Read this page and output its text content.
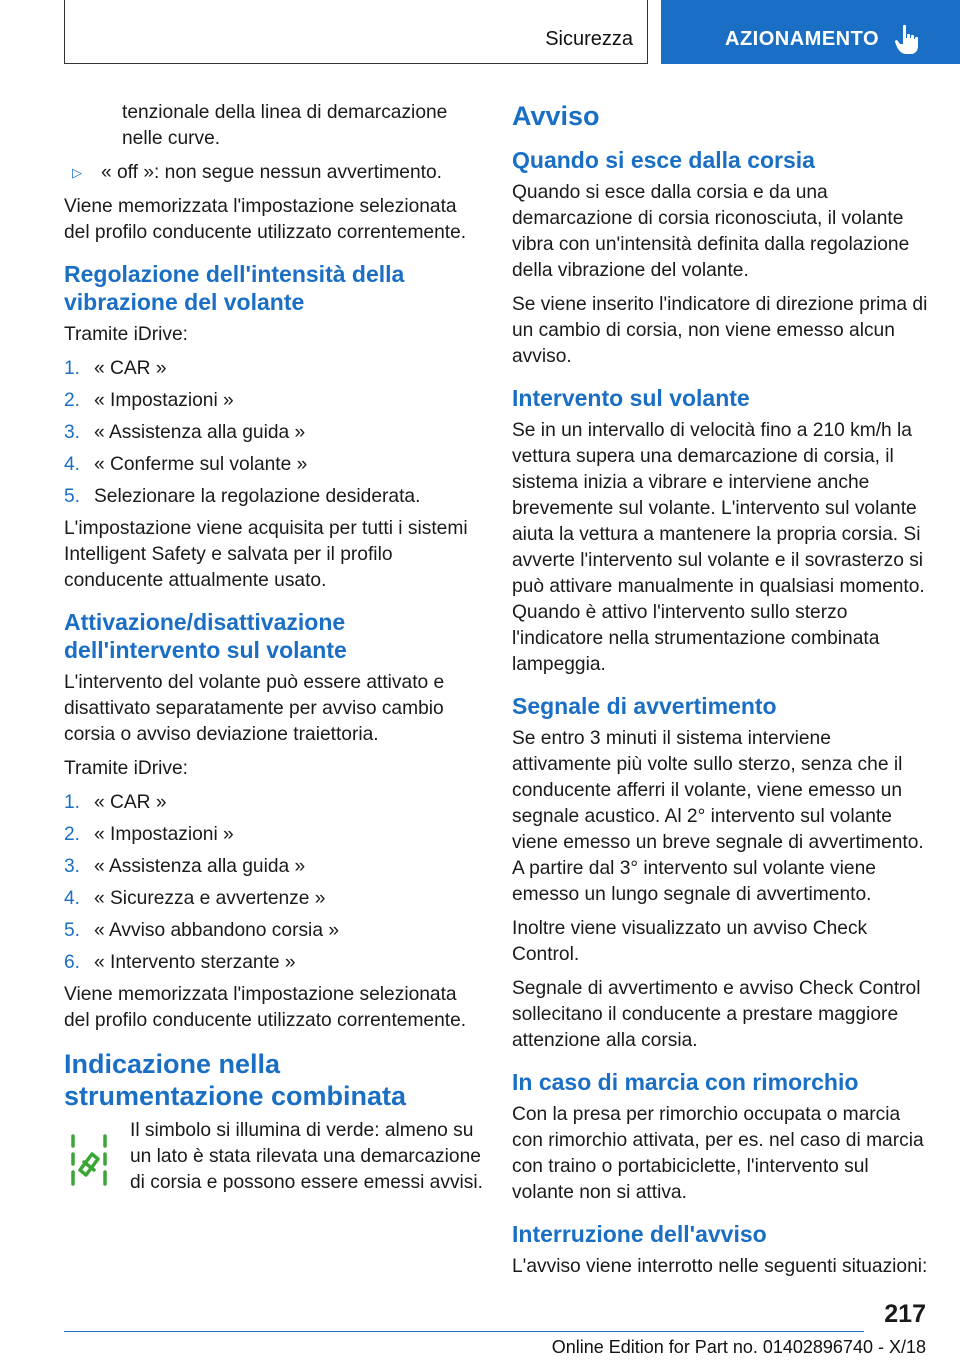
Sicurezza	AZIONAMENTO

tenzionale della linea di demarcazione nelle curve.

▷ « off »: non segue nessun avvertimento.

Viene memorizzata l'impostazione selezionata del profilo conducente utilizzato correntemente.

Regolazione dell'intensità della vibrazione del volante

Tramite iDrive:

1. « CAR »
2. « Impostazioni »
3. « Assistenza alla guida »
4. « Conferme sul volante »
5. Selezionare la regolazione desiderata.

L'impostazione viene acquisita per tutti i sistemi Intelligent Safety e salvata per il profilo conducente attualmente usato.

Attivazione/disattivazione dell'intervento sul volante

L'intervento del volante può essere attivato e disattivato separatamente per avviso cambio corsia o avviso deviazione traiettoria.

Tramite iDrive:

1. « CAR »
2. « Impostazioni »
3. « Assistenza alla guida »
4. « Sicurezza e avvertenze »
5. « Avviso abbandono corsia »
6. « Intervento sterzante »

Viene memorizzata l'impostazione selezionata del profilo conducente utilizzato correntemente.

Indicazione nella strumentazione combinata

Il simbolo si illumina di verde: almeno su un lato è stata rilevata una demarcazione di corsia e possono essere emessi avvisi.

Avviso
Quando si esce dalla corsia

Quando si esce dalla corsia e da una demarcazione di corsia riconosciuta, il volante vibra con un'intensità definita dalla regolazione della vibrazione del volante.

Se viene inserito l'indicatore di direzione prima di un cambio di corsia, non viene emesso alcun avviso.

Intervento sul volante

Se in un intervallo di velocità fino a 210 km/h la vettura supera una demarcazione di corsia, il sistema inizia a vibrare e interviene anche brevemente sul volante. L'intervento sul volante aiuta la vettura a mantenere la propria corsia. Si avverte l'intervento sul volante e il sovrasterzo si può attivare manualmente in qualsiasi momento. Quando è attivo l'intervento sullo sterzo l'indicatore nella strumentazione combinata lampeggia.

Segnale di avvertimento

Se entro 3 minuti il sistema interviene attivamente più volte sullo sterzo, senza che il conducente afferri il volante, viene emesso un segnale acustico. Al 2° intervento sul volante viene emesso un breve segnale di avvertimento. A partire dal 3° intervento sul volante viene emesso un lungo segnale di avvertimento.

Inoltre viene visualizzato un avviso Check Control.

Segnale di avvertimento e avviso Check Control sollecitano il conducente a prestare maggiore attenzione alla corsia.

In caso di marcia con rimorchio

Con la presa per rimorchio occupata o marcia con rimorchio attivata, per es. nel caso di marcia con traino o portabiciclette, l'intervento sul volante non si attiva.

Interruzione dell'avviso

L'avviso viene interrotto nelle seguenti situazioni:

217
Online Edition for Part no. 01402896740 - X/18
